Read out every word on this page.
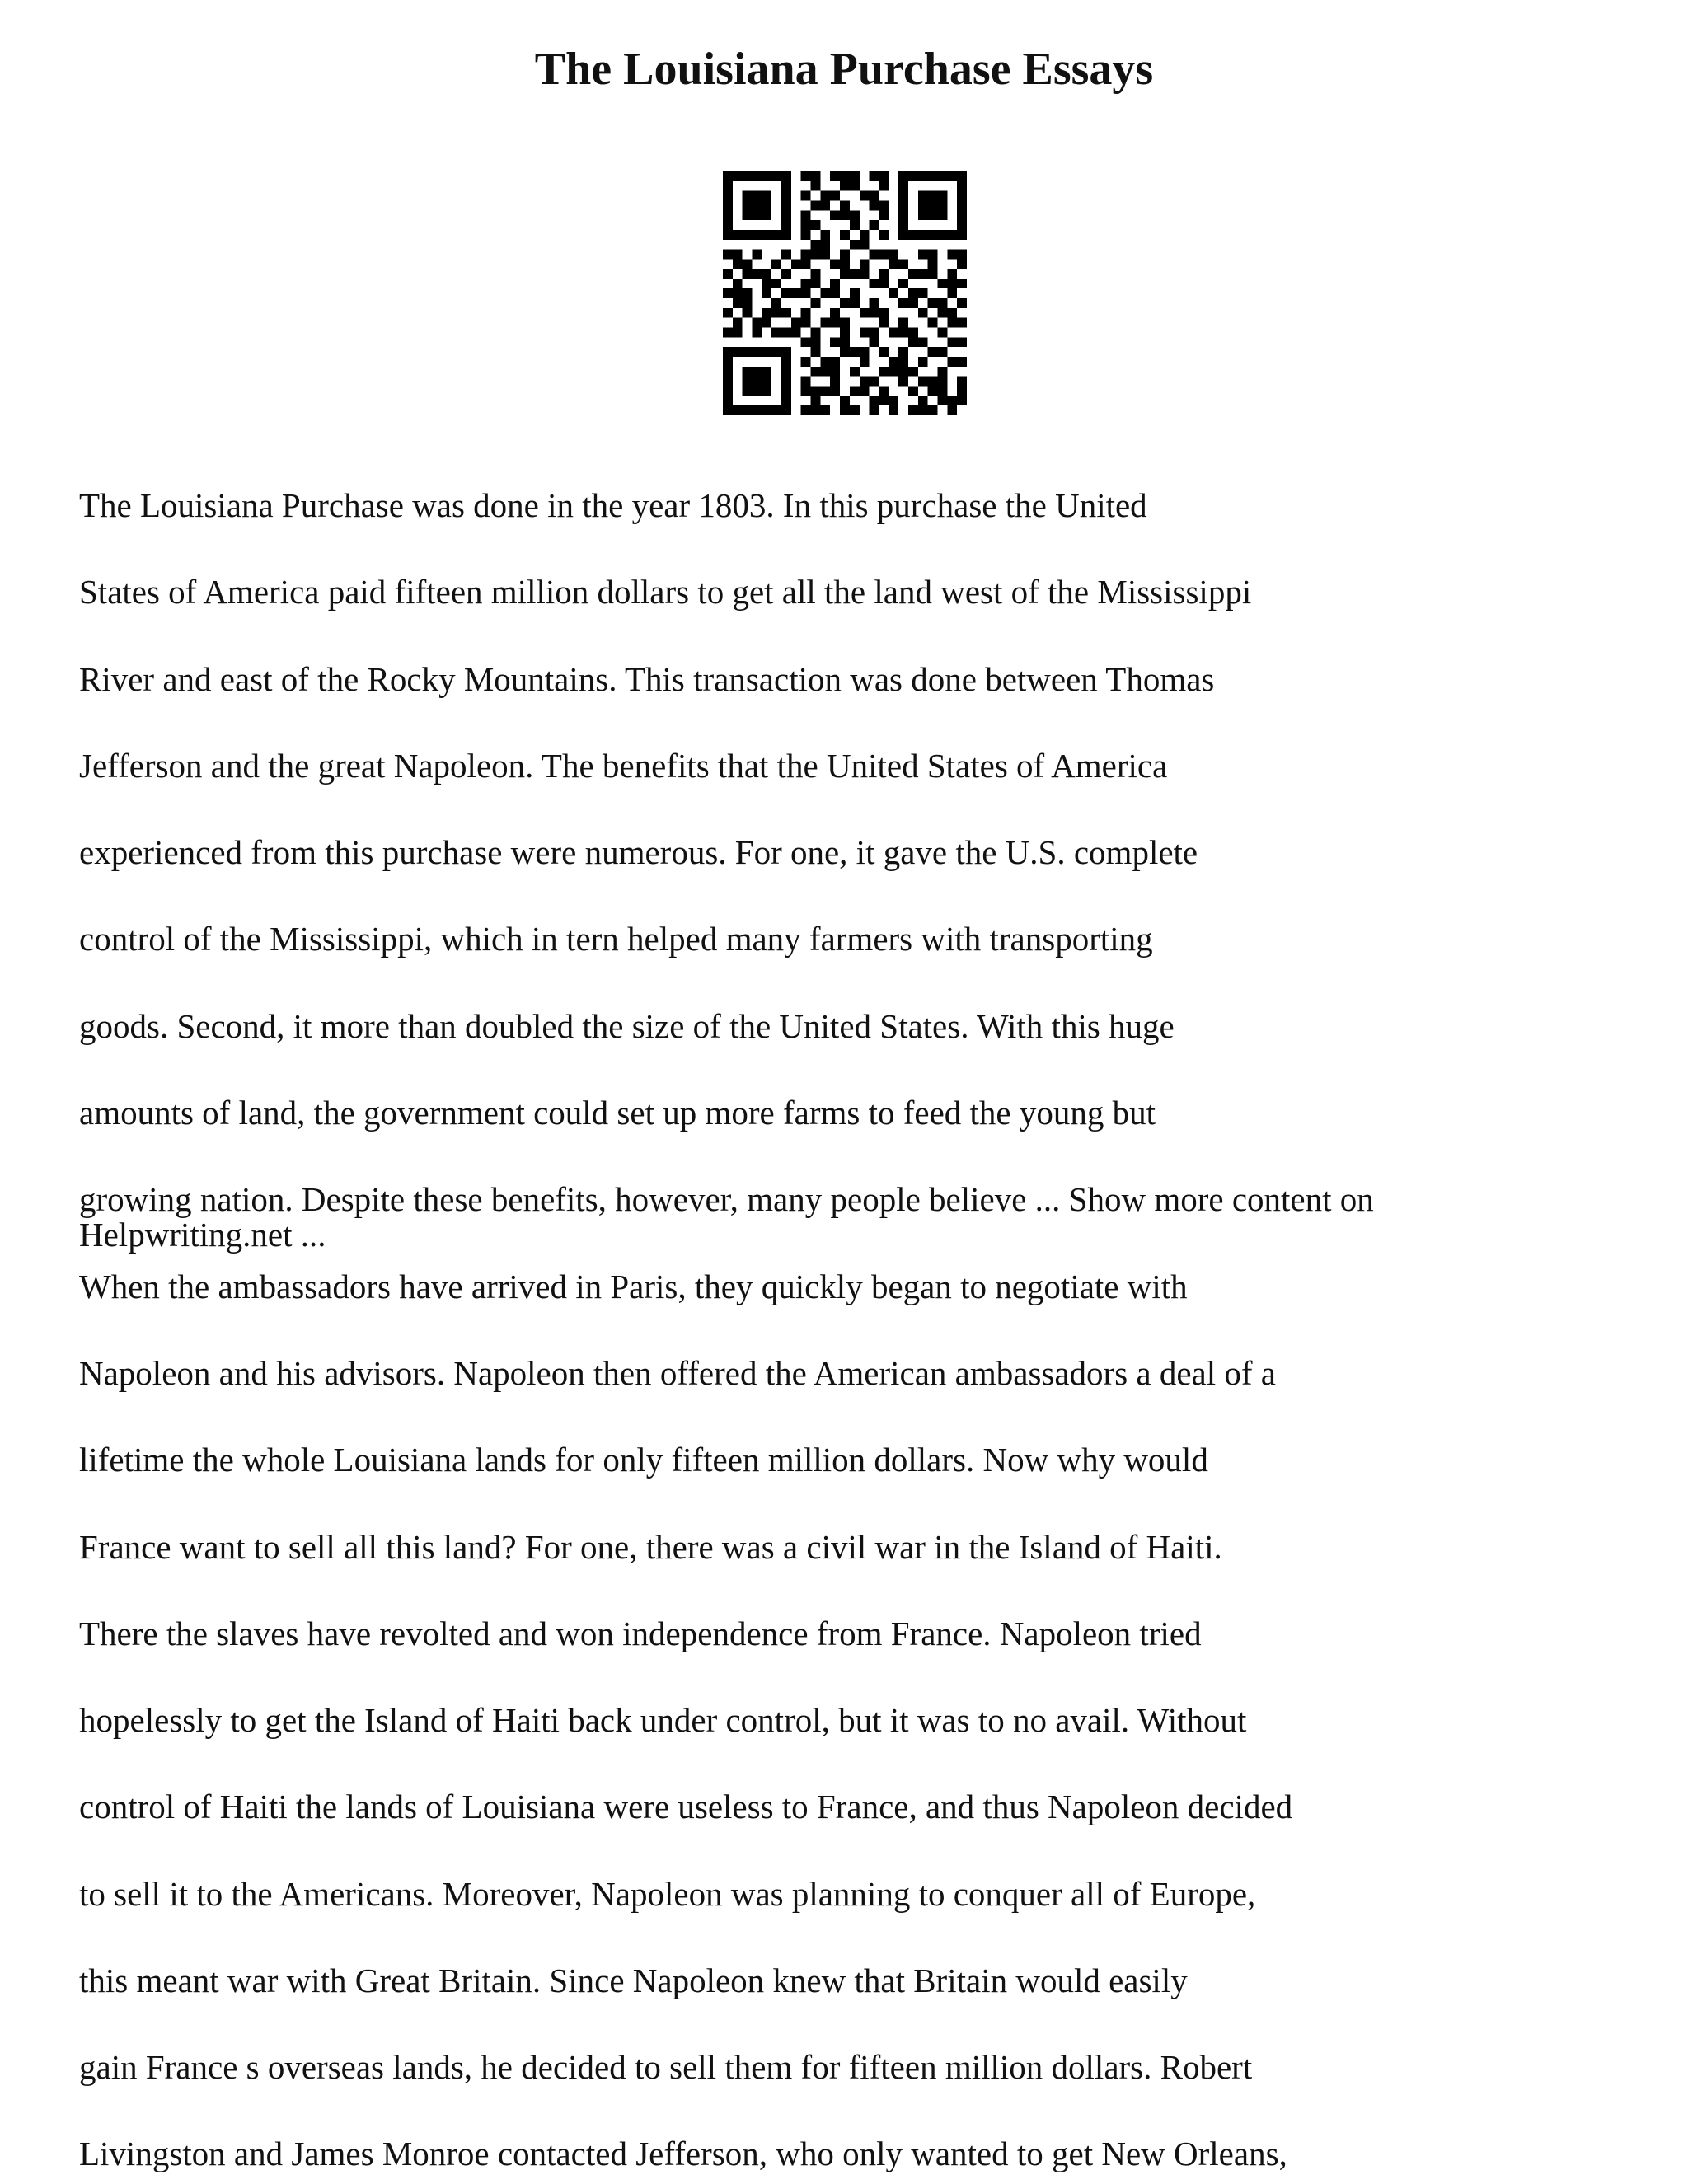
The Louisiana Purchase Essays

The Louisiana Purchase was done in the year 1803. In this purchase the United

States of America paid fifteen million dollars to get all the land west of the Mississippi

River and east of the Rocky Mountains. This transaction was done between Thomas

Jefferson and the great Napoleon. The benefits that the United States of America

experienced from this purchase were numerous. For one, it gave the U.S. complete

control of the Mississippi, which in tern helped many farmers with transporting

goods. Second, it more than doubled the size of the United States. With this huge

amounts of land, the government could set up more farms to feed the young but

growing nation. Despite these benefits, however, many people believe ... Show more content on

Helpwriting.net ...

When the ambassadors have arrived in Paris, they quickly began to negotiate with

Napoleon and his advisors. Napoleon then offered the American ambassadors a deal of a

lifetime the whole Louisiana lands for only fifteen million dollars. Now why would

France want to sell all this land? For one, there was a civil war in the Island of Haiti.

There the slaves have revolted and won independence from France. Napoleon tried

hopelessly to get the Island of Haiti back under control, but it was to no avail. Without

control of Haiti the lands of Louisiana were useless to France, and thus Napoleon decided

to sell it to the Americans. Moreover, Napoleon was planning to conquer all of Europe,

this meant war with Great Britain. Since Napoleon knew that Britain would easily

gain France s overseas lands, he decided to sell them for fifteen million dollars. Robert

Livingston and James Monroe contacted Jefferson, who only wanted to get New Orleans,
